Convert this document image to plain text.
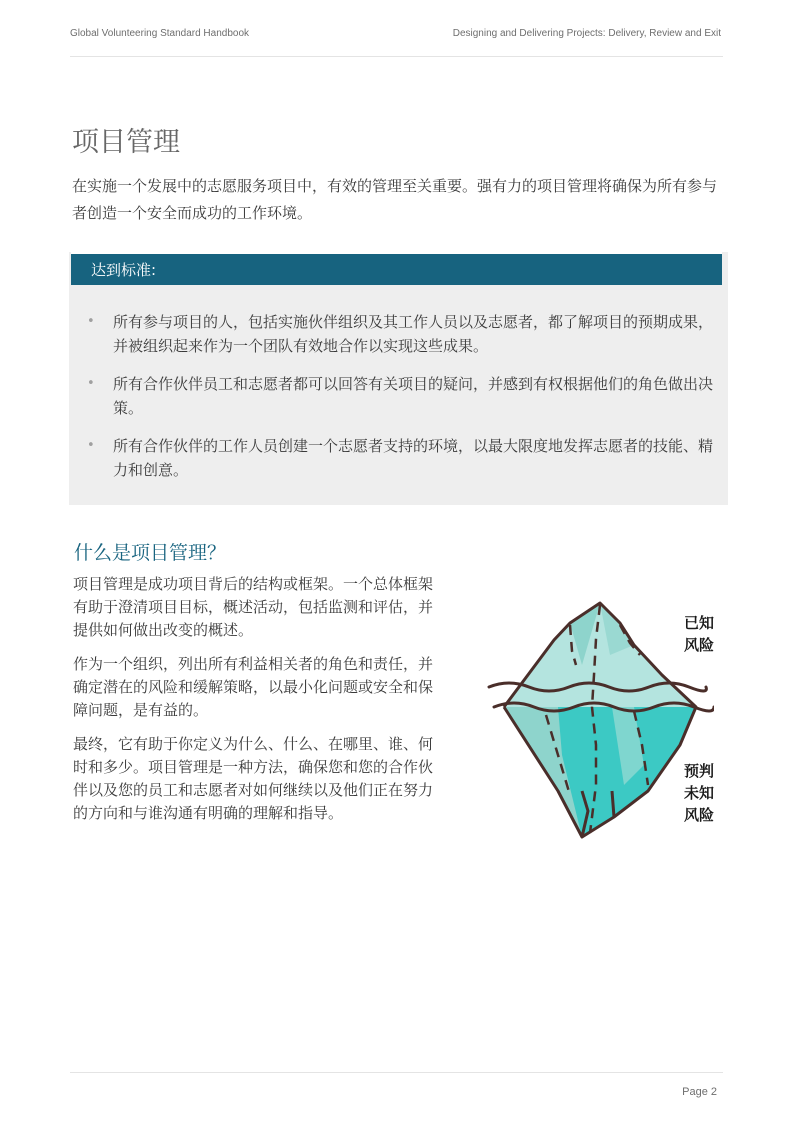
Global Volunteering Standard Handbook	Designing and Delivering Projects: Delivery, Review and Exit
项目管理

在实施一个发展中的志愿服务项目中，有效的管理至关重要。强有力的项目管理将确保为所有参与者创造一个安全而成功的工作环境。

达到标准:
• 所有参与项目的人，包括实施伙伴组织及其工作人员以及志愿者，都了解项目的预期成果，并被组织起来作为一个团队有效地合作以实现这些成果。
• 所有合作伙伴员工和志愿者都可以回答有关项目的疑问，并感到有权根据他们的角色做出决策。
• 所有合作伙伴的工作人员创建一个志愿者支持的环境，以最大限度地发挥志愿者的技能、精力和创意。
什么是项目管理？

项目管理是成功项目背后的结构或框架。一个总体框架有助于澄清项目目标，概述活动，包括监测和评估，并提供如何做出改变的概述。

作为一个组织，列出所有利益相关者的角色和责任，并确定潜在的风险和缓解策略，以最小化问题或安全和保障问题，是有益的。

最终，它有助于你定义为什么、什么、在哪里、谁、何时和多少。项目管理是一种方法，确保您和您的合作伙伴以及您的员工和志愿者对如何继续以及他们正在努力的方向和与谁沟通有明确的理解和指导。

已知
风险
预判
未知
风险
Page 2
